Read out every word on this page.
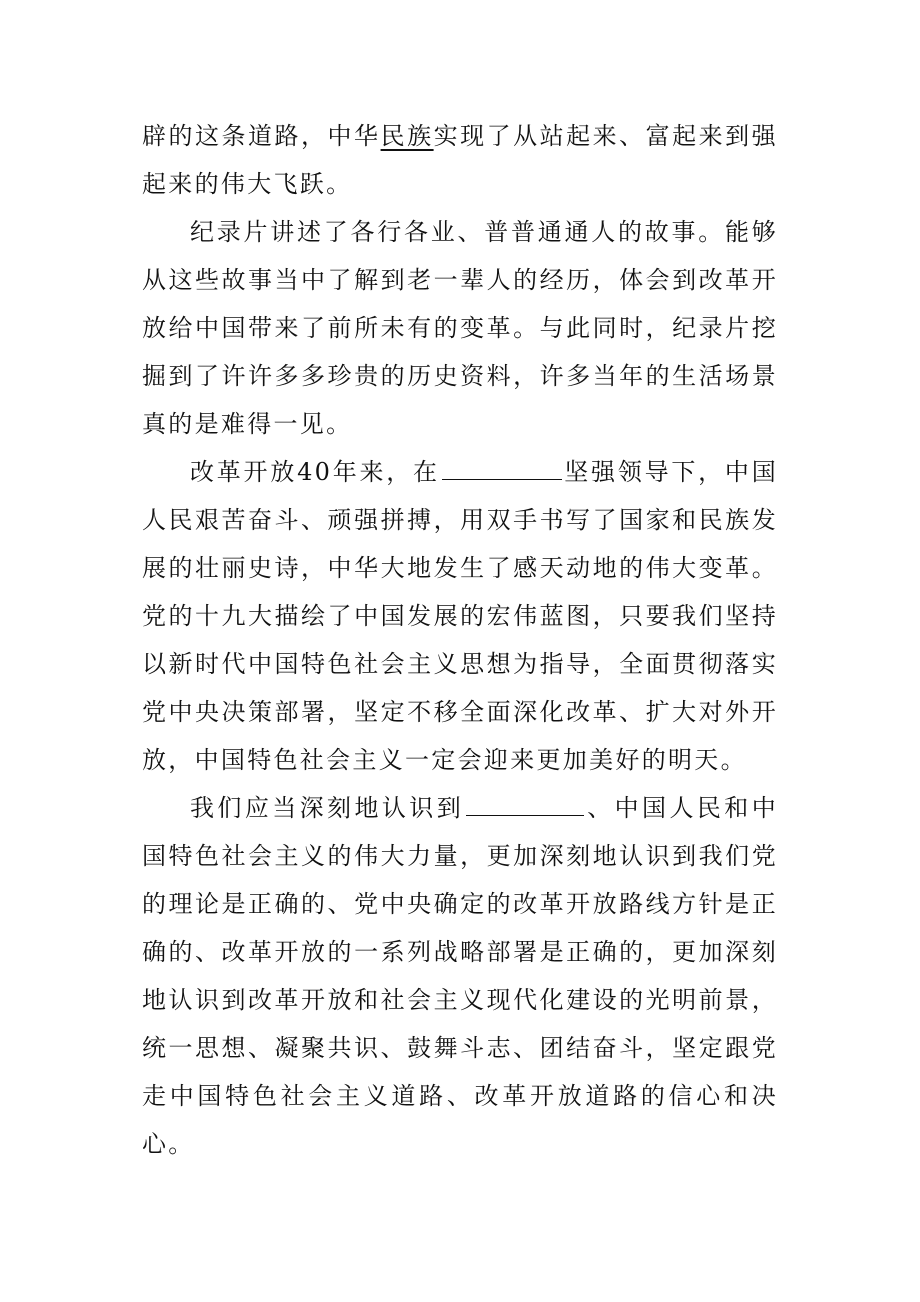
辟的这条道路，中华民族实现了从站起来、富起来到强起来的伟大飞跃。

纪录片讲述了各行各业、普普通通人的故事。能够从这些故事当中了解到老一辈人的经历，体会到改革开放给中国带来了前所未有的变革。与此同时，纪录片挖掘到了许许多多珍贵的历史资料，许多当年的生活场景真的是难得一见。

改革开放40年来，在	坚强领导下，中国人民艰苦奋斗、顽强拼搏，用双手书写了国家和民族发展的壮丽史诗，中华大地发生了感天动地的伟大变革。党的十九大描绘了中国发展的宏伟蓝图，只要我们坚持以新时代中国特色社会主义思想为指导，全面贯彻落实党中央决策部署，坚定不移全面深化改革、扩大对外开放，中国特色社会主义一定会迎来更加美好的明天。

我们应当深刻地认识到	、中国人民和中国特色社会主义的伟大力量，更加深刻地认识到我们党的理论是正确的、党中央确定的改革开放路线方针是正确的、改革开放的一系列战略部署是正确的，更加深刻地认识到改革开放和社会主义现代化建设的光明前景，统一思想、凝聚共识、鼓舞斗志、团结奋斗，坚定跟党走中国特色社会主义道路、改革开放道路的信心和决心。
